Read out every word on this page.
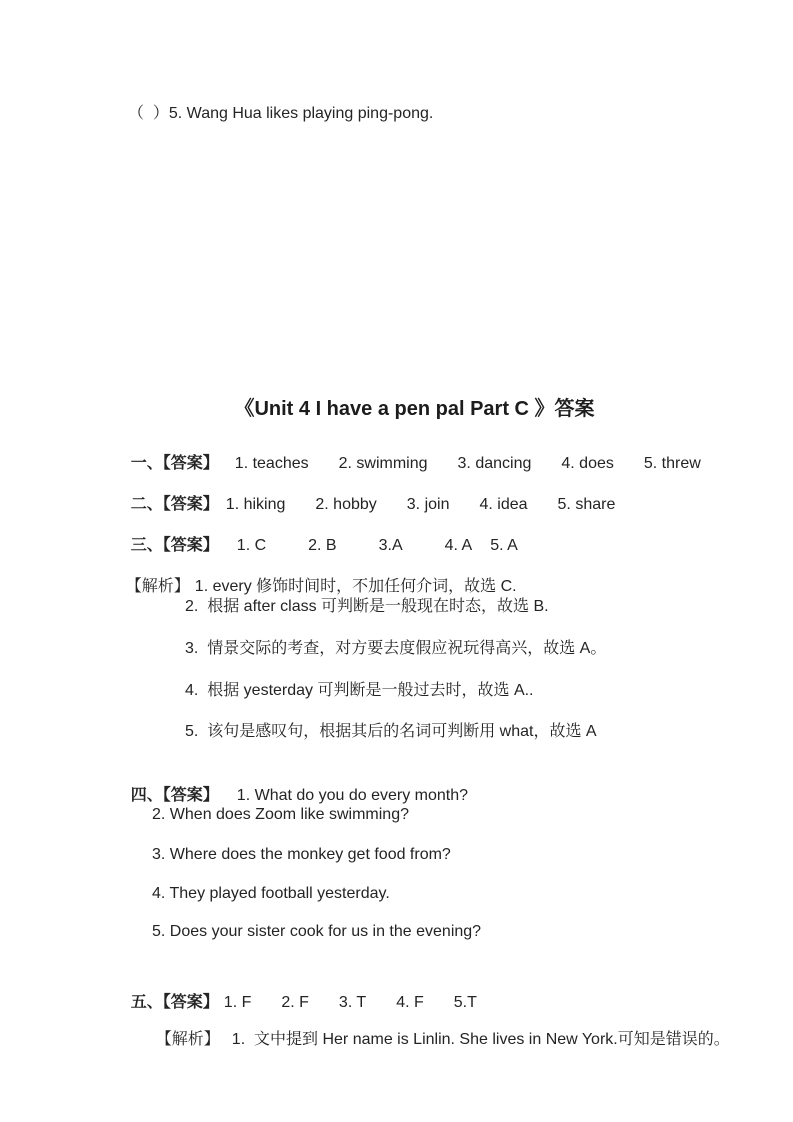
（  ）5. Wang Hua likes playing ping-pong.
《Unit 4 I have a pen pal Part C 》答案

一、【答案】 1. teaches 2. swimming 3. dancing 4. does 5. threw

二、【答案】 1. hiking 2. hobby 3. join 4. idea 5. share

三、【答案】 1. C	2. B	3.A	4. A 5. A

【解析】 1. every 修饰时间时，不加任何介词，故选 C.

2.  根据 after class 可判断是一般现在时态，故选 B.
3.  情景交际的考查，对方要去度假应祝玩得高兴，故选 A。
4.  根据 yesterday 可判断是一般过去时，故选 A..
5.  该句是感叹句，根据其后的名词可判断用 what，故选 A

四、【答案】 1. What do you do every month?

2. When does Zoom like swimming?
3. Where does the monkey get food from?
4. They played football yesterday.
5. Does your sister cook for us in the evening?

五、【答案】 1. F 2. F 3. T 4. F 5.T

【解析】 1.  文中提到 Her name is Linlin. She lives in New York.可知是错误的。
